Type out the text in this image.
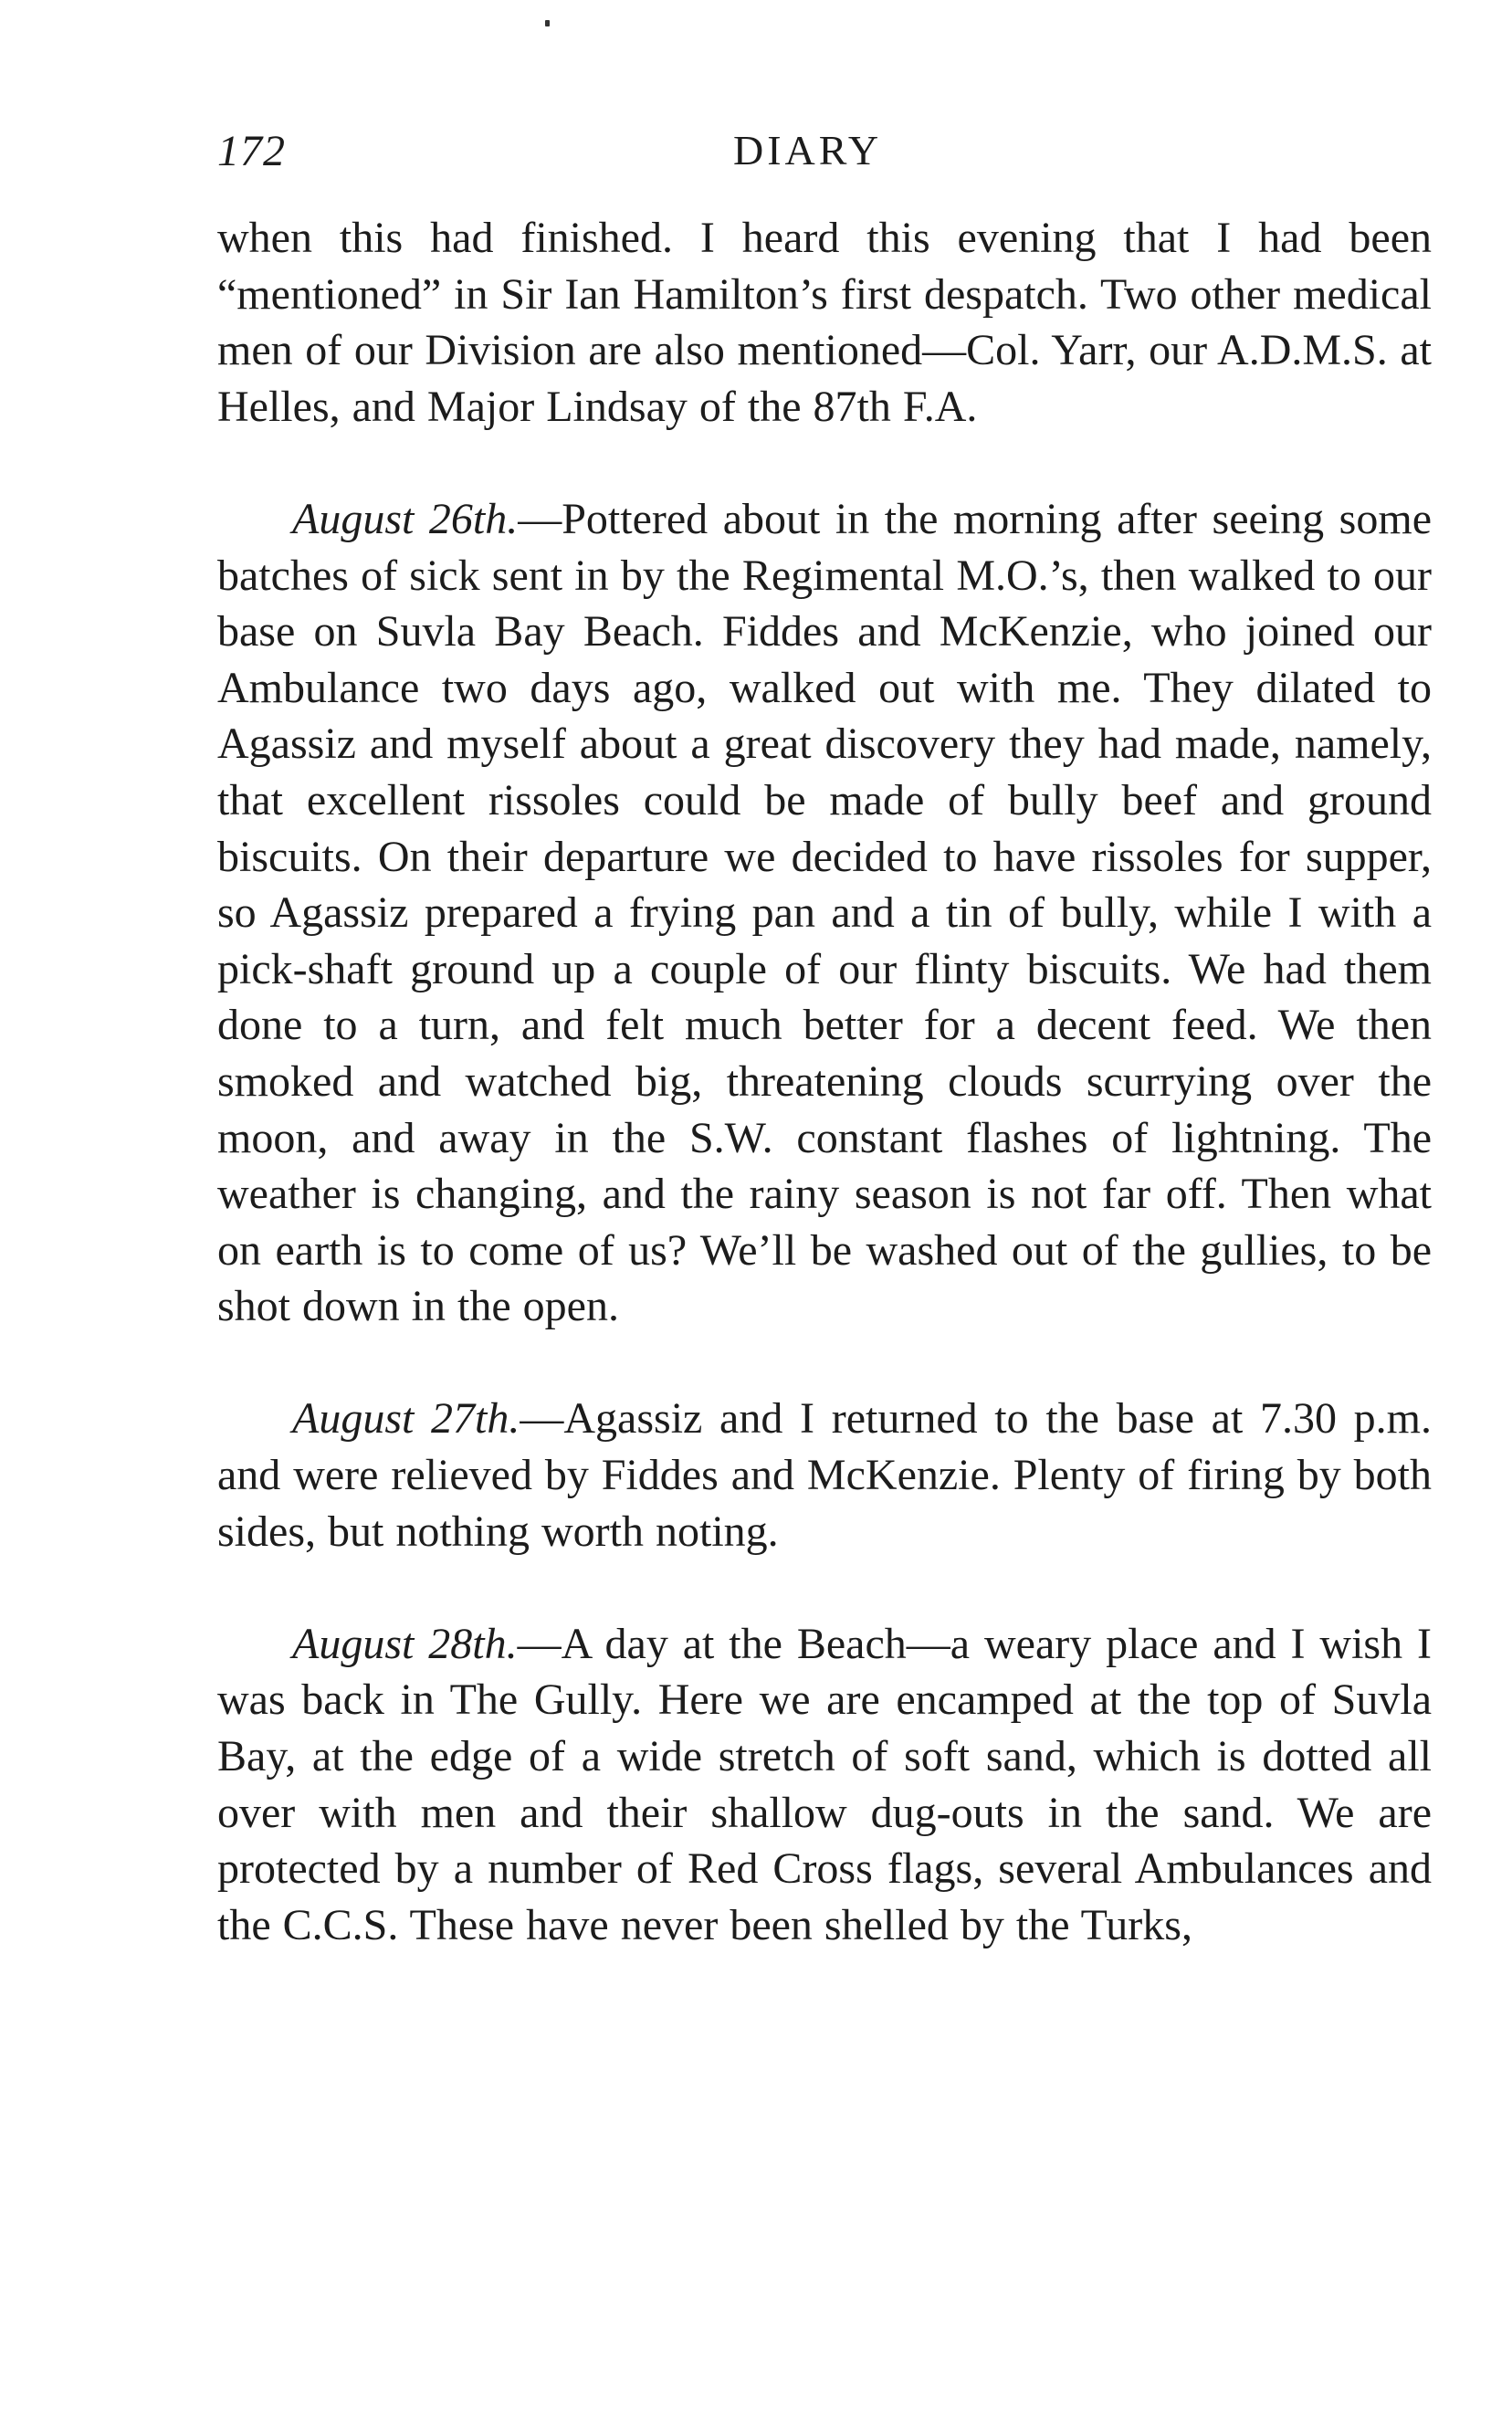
172	DIARY

when this had finished. I heard this evening that I had been “mentioned” in Sir Ian Hamilton’s first despatch. Two other medical men of our Division are also mentioned—Col. Yarr, our A.D.M.S. at Helles, and Major Lindsay of the 87th F.A.

August 26th.—Pottered about in the morning after seeing some batches of sick sent in by the Regimental M.O.’s, then walked to our base on Suvla Bay Beach. Fiddes and McKenzie, who joined our Ambulance two days ago, walked out with me. They dilated to Agassiz and myself about a great discovery they had made, namely, that excellent rissoles could be made of bully beef and ground biscuits. On their departure we decided to have rissoles for supper, so Agassiz prepared a frying pan and a tin of bully, while I with a pick-shaft ground up a couple of our flinty biscuits. We had them done to a turn, and felt much better for a decent feed. We then smoked and watched big, threatening clouds scurrying over the moon, and away in the S.W. constant flashes of lightning. The weather is changing, and the rainy season is not far off. Then what on earth is to come of us? We’ll be washed out of the gullies, to be shot down in the open.

August 27th.—Agassiz and I returned to the base at 7.30 p.m. and were relieved by Fiddes and McKenzie. Plenty of firing by both sides, but nothing worth noting.

August 28th.—A day at the Beach—a weary place and I wish I was back in The Gully. Here we are encamped at the top of Suvla Bay, at the edge of a wide stretch of soft sand, which is dotted all over with men and their shallow dug-outs in the sand. We are protected by a number of Red Cross flags, several Ambulances and the C.C.S. These have never been shelled by the Turks,
